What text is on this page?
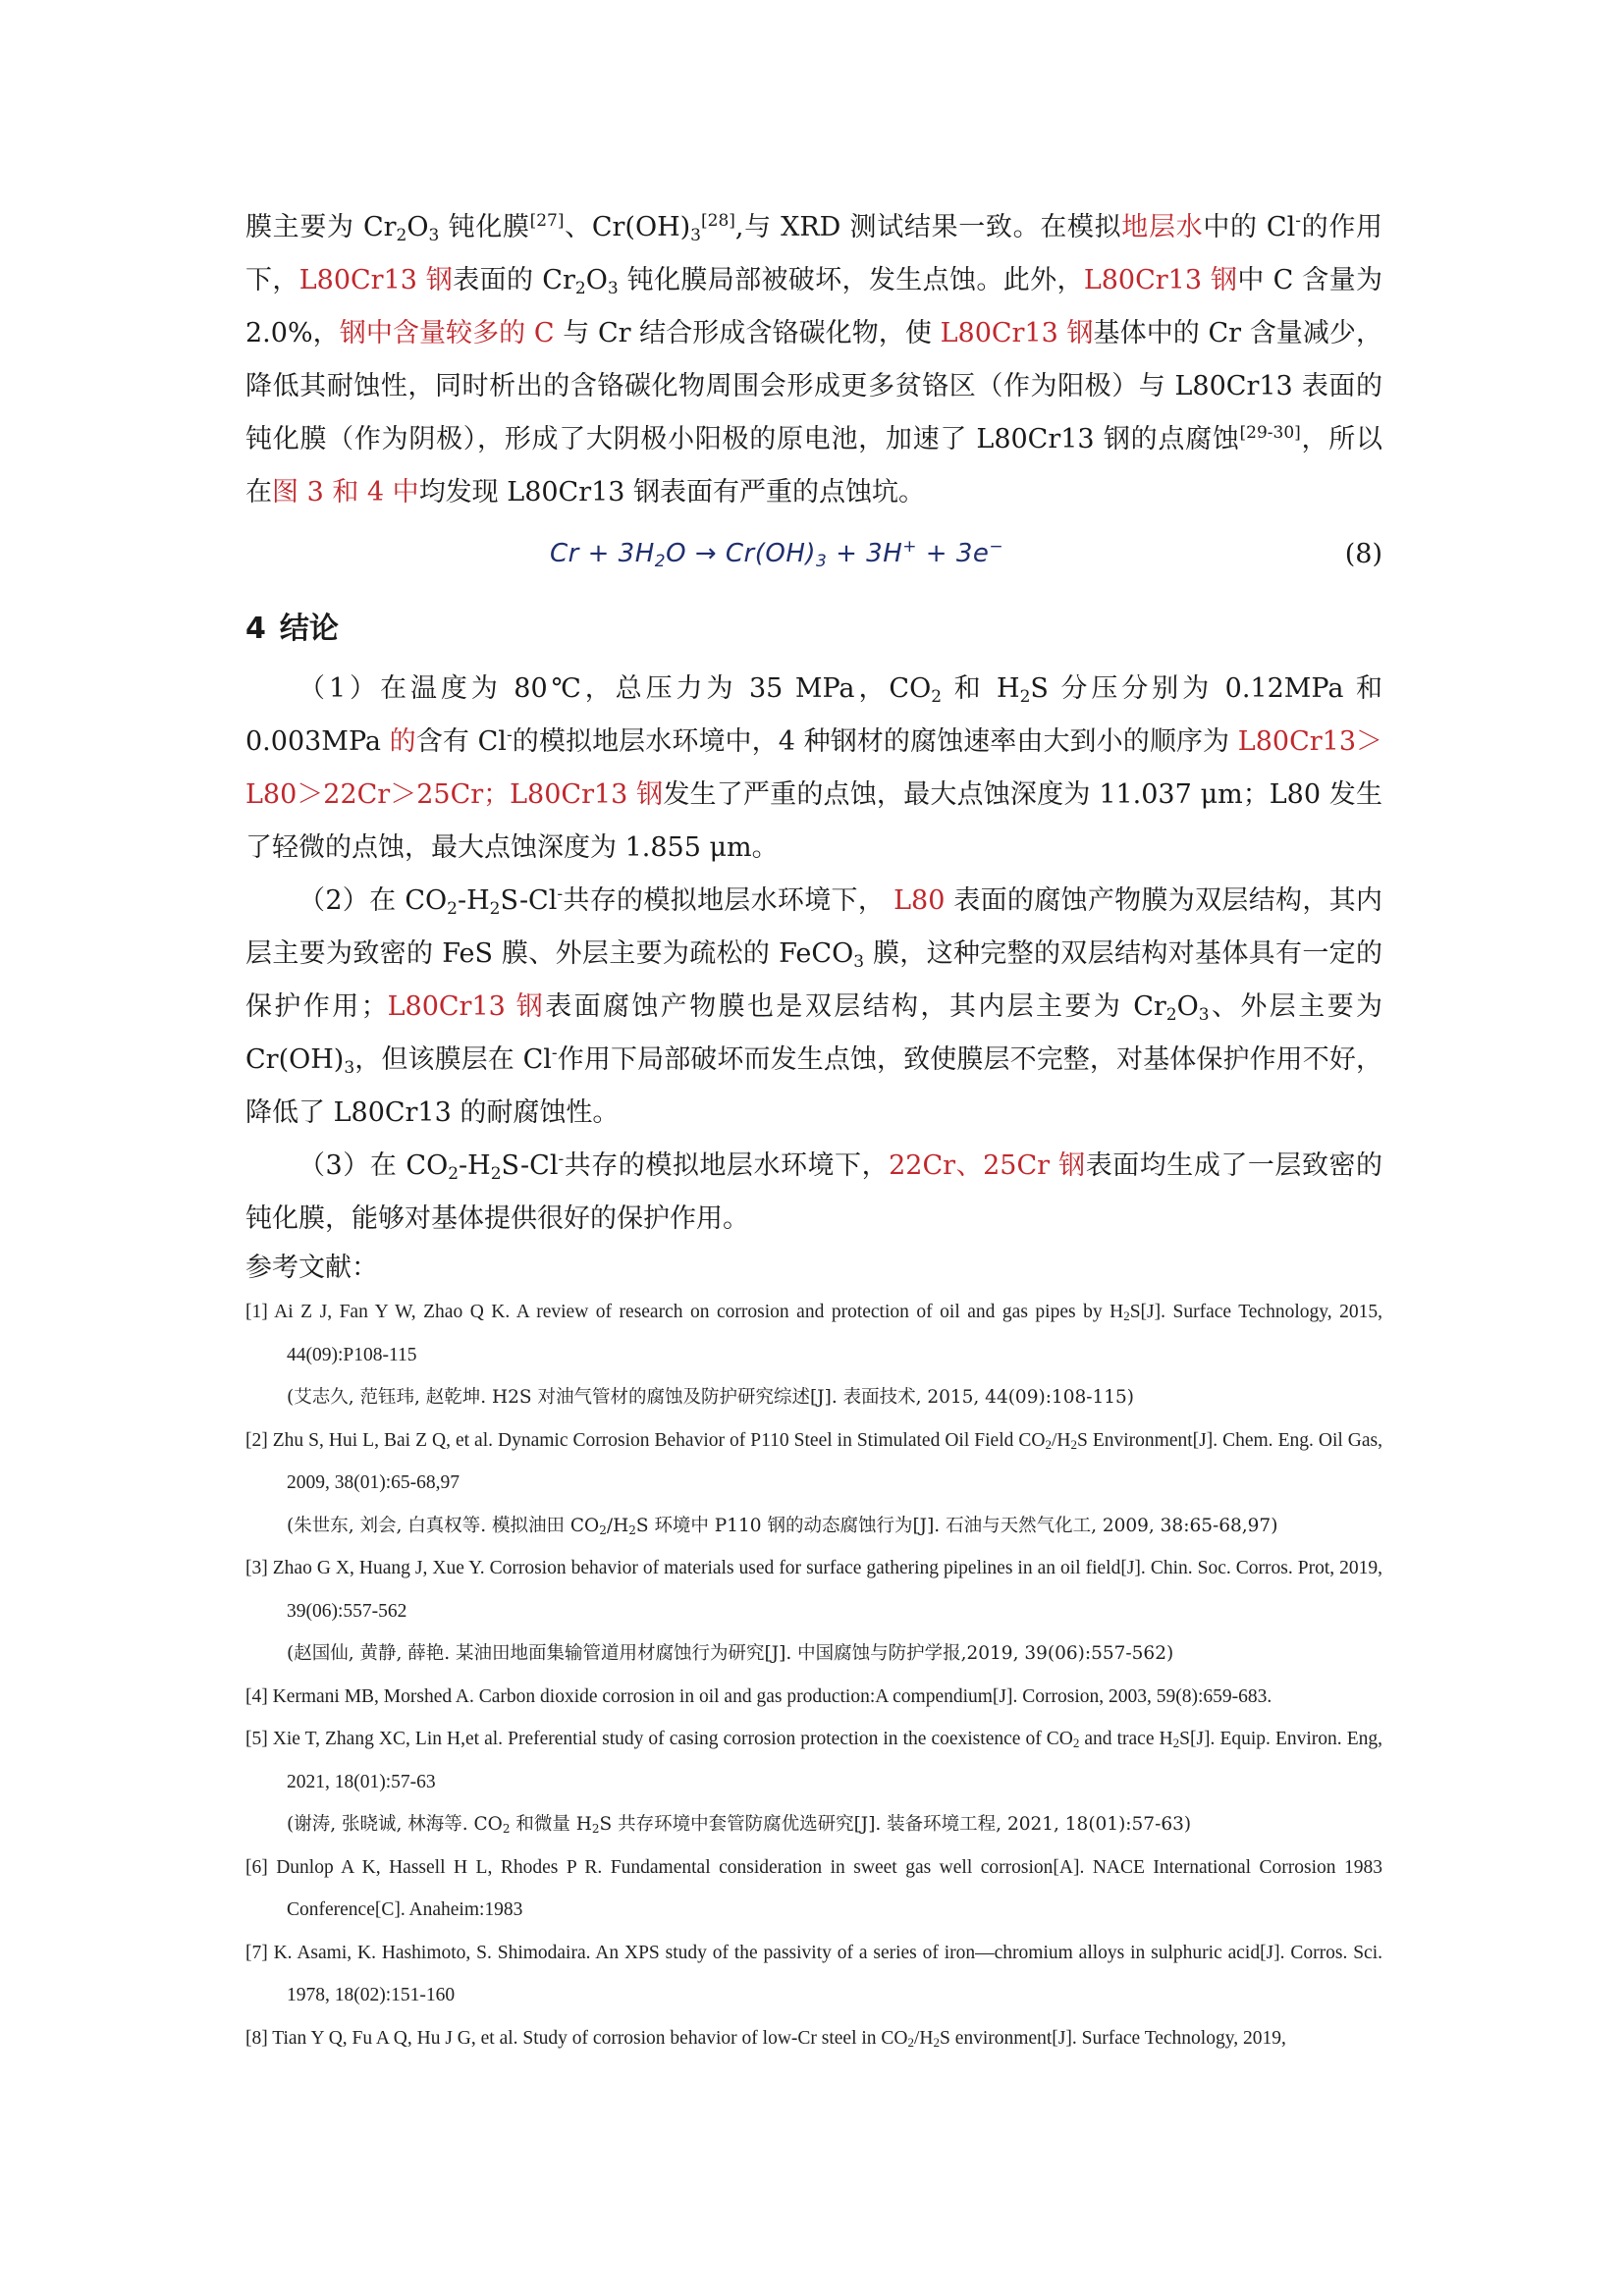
膜主要为 $Cr_2O_3$ 钝化膜[27]、$Cr(OH)_3[28]$,与 XRD 测试结果一致。在模拟地层水中的 Cl-的作用下，L80Cr13 钢表面的 $Cr_2O_3$ 钝化膜局部被破坏，发生点蚀。此外，L80Cr13 钢中 C 含量为 2.0%，钢中含量较多的 C 与 Cr 结合形成含铬碳化物，使 L80Cr13 钢基体中的 Cr 含量减少，降低其耐蚀性，同时析出的含铬碳化物周围会形成更多贫铬区（作为阳极）与 L80Cr13 表面的钝化膜（作为阴极），形成了大阴极小阳极的原电池，加速了 L80Cr13 钢的点腐蚀[29-30]，所以在图 3 和 4 中均发现 L80Cr13 钢表面有严重的点蚀坑。

$Cr + 3H_2O \to Cr(OH)_3 + 3H^+ + 3e^-$	(8)
4 结论

（1）在温度为 80℃，总压力为 35 MPa，$CO_2$ 和 $H_2S$ 分压分别为 0.12MPa 和 0.003MPa 的含有 Cl-的模拟地层水环境中，4 种钢材的腐蚀速率由大到小的顺序为 L80Cr13＞L80＞22Cr＞25Cr；L80Cr13 钢发生了严重的点蚀，最大点蚀深度为 11.037 μm；L80 发生了轻微的点蚀，最大点蚀深度为 1.855 μm。

（2）在 $CO_2-H_2S-Cl^-$共存的模拟地层水环境下， L80 表面的腐蚀产物膜为双层结构，其内层主要为致密的 FeS 膜、外层主要为疏松的 FeCO$_3$ 膜，这种完整的双层结构对基体具有一定的保护作用；L80Cr13 钢表面腐蚀产物膜也是双层结构，其内层主要为 $Cr_2O_3$、外层主要为 $Cr(OH)_3$，但该膜层在 Cl-作用下局部破坏而发生点蚀，致使膜层不完整，对基体保护作用不好，降低了 L80Cr13 的耐腐蚀性。

（3）在 $CO_2-H_2S-Cl^-$共存的模拟地层水环境下，22Cr、25Cr 钢表面均生成了一层致密的钝化膜，能够对基体提供很好的保护作用。

参考文献：

[1] Ai Z J, Fan Y W, Zhao Q K. A review of research on corrosion and protection of oil and gas pipes by $H_2S[J]$. Surface Technology, 2015, 44(09):P108-115

(艾志久, 范钰玮, 赵乾坤. H2S 对油气管材的腐蚀及防护研究综述[J]. 表面技术, 2015, 44(09):108-115)

[2] Zhu S, Hui L, Bai Z Q, et al. Dynamic Corrosion Behavior of P110 Steel in Stimulated Oil Field $CO_2/H_2S$ Environment[J]. Chem. Eng. Oil Gas, 2009, 38(01):65-68,97

(朱世东, 刘会, 白真权等. 模拟油田 $CO_2/H_2S$ 环境中 P110 钢的动态腐蚀行为[J]. 石油与天然气化工, 2009, 38:65-68,97)

[3] Zhao G X, Huang J, Xue Y. Corrosion behavior of materials used for surface gathering pipelines in an oil field[J]. Chin. Soc. Corros. Prot, 2019, 39(06):557-562

(赵国仙, 黄静, 薛艳. 某油田地面集输管道用材腐蚀行为研究[J]. 中国腐蚀与防护学报,2019, 39(06):557-562)

[4] Kermani MB, Morshed A. Carbon dioxide corrosion in oil and gas production:A compendium[J]. Corrosion, 2003, 59(8):659-683.

[5] Xie T, Zhang XC, Lin H,et al. Preferential study of casing corrosion protection in the coexistence of $CO_2$ and trace $H_2S[J]$. Equip. Environ. Eng, 2021, 18(01):57-63

(谢涛, 张晓诚, 林海等. $CO_2$ 和微量 $H_2S$ 共存环境中套管防腐优选研究[J]. 装备环境工程, 2021, 18(01):57-63)

[6] Dunlop A K, Hassell H L, Rhodes P R. Fundamental consideration in sweet gas well corrosion[A]. NACE International Corrosion 1983 Conference[C]. Anaheim:1983

[7] K. Asami, K. Hashimoto, S. Shimodaira. An XPS study of the passivity of a series of iron—chromium alloys in sulphuric acid[J]. Corros. Sci. 1978, 18(02):151-160

[8] Tian Y Q, Fu A Q, Hu J G, et al. Study of corrosion behavior of low-Cr steel in $CO_2/H_2S$ environment[J]. Surface Technology, 2019,
